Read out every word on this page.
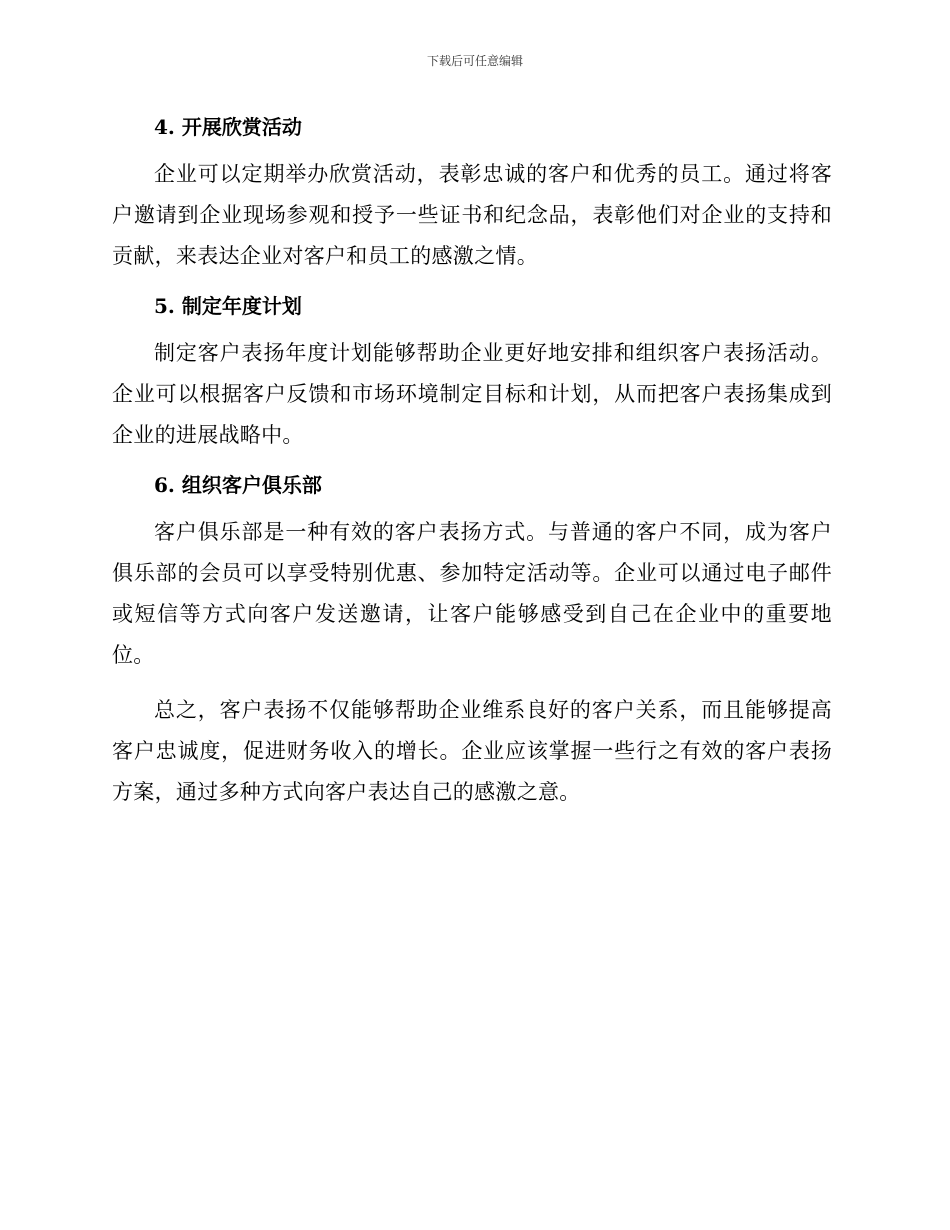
下载后可任意编辑
4. 开展欣赏活动

企业可以定期举办欣赏活动，表彰忠诚的客户和优秀的员工。通过将客户邀请到企业现场参观和授予一些证书和纪念品，表彰他们对企业的支持和贡献，来表达企业对客户和员工的感激之情。

5. 制定年度计划

制定客户表扬年度计划能够帮助企业更好地安排和组织客户表扬活动。企业可以根据客户反馈和市场环境制定目标和计划，从而把客户表扬集成到企业的进展战略中。

6. 组织客户俱乐部

客户俱乐部是一种有效的客户表扬方式。与普通的客户不同，成为客户俱乐部的会员可以享受特别优惠、参加特定活动等。企业可以通过电子邮件或短信等方式向客户发送邀请，让客户能够感受到自己在企业中的重要地位。

总之，客户表扬不仅能够帮助企业维系良好的客户关系，而且能够提高客户忠诚度，促进财务收入的增长。企业应该掌握一些行之有效的客户表扬方案，通过多种方式向客户表达自己的感激之意。
